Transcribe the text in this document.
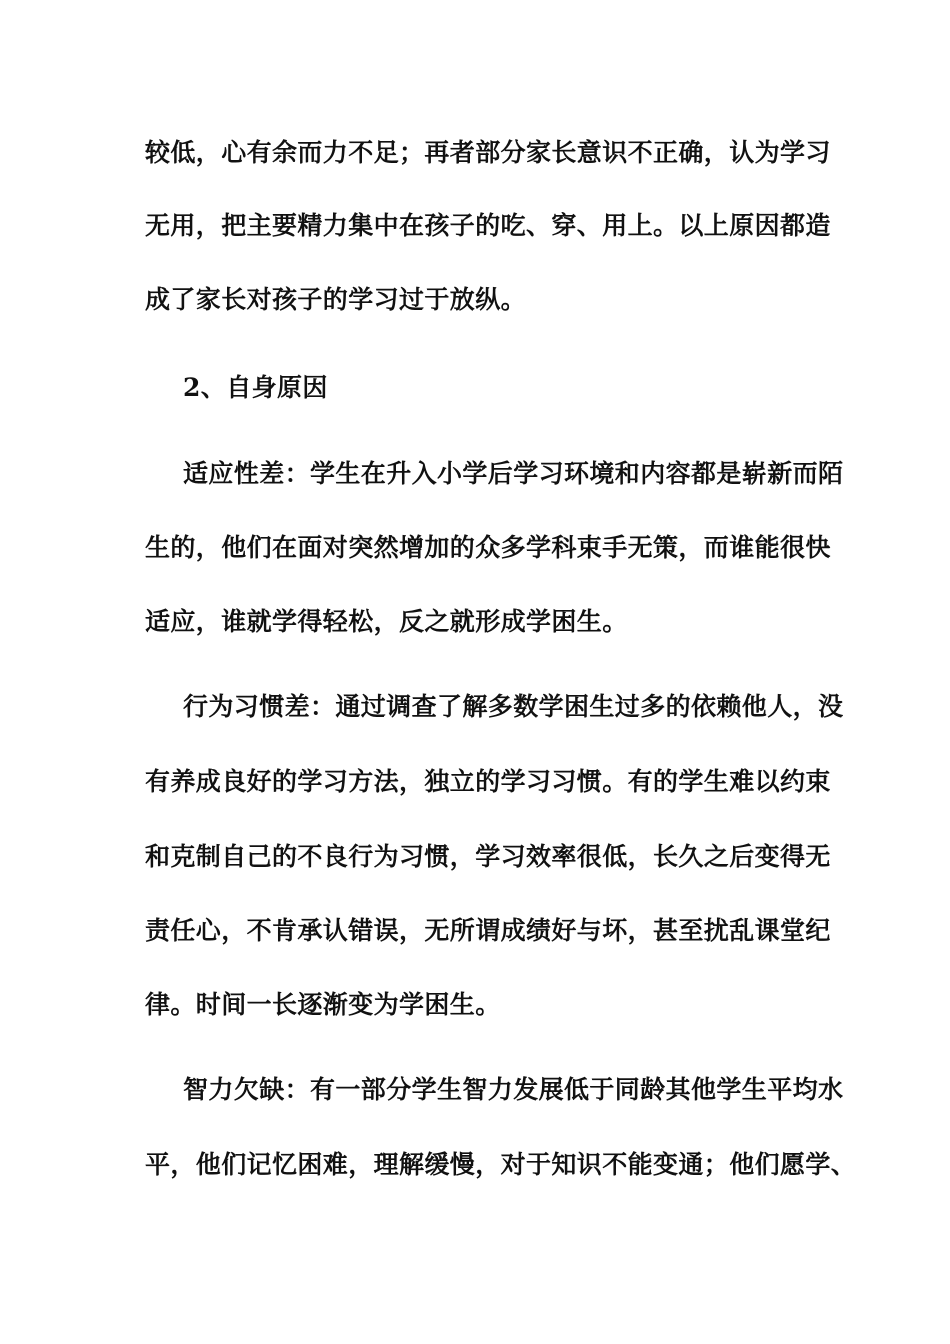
较低，心有余而力不足；再者部分家长意识不正确，认为学习
无用，把主要精力集中在孩子的吃、穿、用上。以上原因都造
成了家长对孩子的学习过于放纵。
2、自身原因
适应性差：学生在升入小学后学习环境和内容都是崭新而陌
生的，他们在面对突然增加的众多学科束手无策，而谁能很快
适应，谁就学得轻松，反之就形成学困生。
行为习惯差：通过调查了解多数学困生过多的依赖他人，没
有养成良好的学习方法，独立的学习习惯。有的学生难以约束
和克制自己的不良行为习惯，学习效率很低，长久之后变得无
责任心，不肯承认错误，无所谓成绩好与坏，甚至扰乱课堂纪
律。时间一长逐渐变为学困生。
智力欠缺：有一部分学生智力发展低于同龄其他学生平均水
平，他们记忆困难，理解缓慢，对于知识不能变通；他们愿学、
